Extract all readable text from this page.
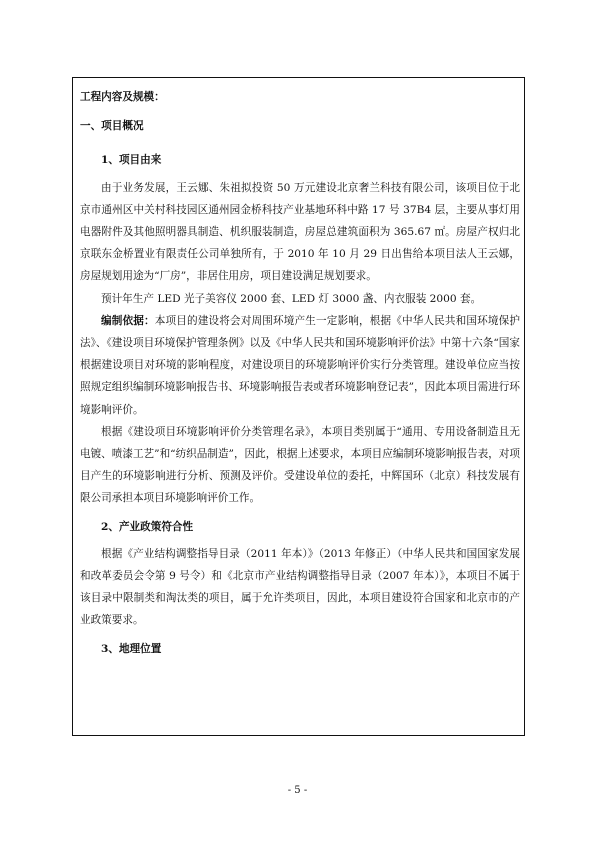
工程内容及规模：

一、项目概况

1、项目由来

由于业务发展，王云娜、朱祖拟投资 50 万元建设北京奢兰科技有限公司，该项目位于北京市通州区中关村科技园区通州园金桥科技产业基地环科中路 17 号 37B4 层，主要从事灯用电器附件及其他照明器具制造、机织服装制造，房屋总建筑面积为 365.67 ㎡。房屋产权归北京联东金桥置业有限责任公司单独所有，于 2010 年 10 月 29 日出售给本项目法人王云娜，房屋规划用途为“厂房”，非居住用房，项目建设满足规划要求。

预计年生产 LED 光子美容仪 2000 套、LED 灯 3000 盏、内衣服装 2000 套。

编制依据：本项目的建设将会对周围环境产生一定影响，根据《中华人民共和国环境保护法》、《建设项目环境保护管理条例》以及《中华人民共和国环境影响评价法》中第十六条“国家根据建设项目对环境的影响程度，对建设项目的环境影响评价实行分类管理。建设单位应当按照规定组织编制环境影响报告书、环境影响报告表或者环境影响登记表”，因此本项目需进行环境影响评价。

根据《建设项目环境影响评价分类管理名录》，本项目类别属于“通用、专用设备制造且无电镀、喷漆工艺”和“纺织品制造”，因此，根据上述要求，本项目应编制环境影响报告表，对项目产生的环境影响进行分析、预测及评价。受建设单位的委托，中辉国环（北京）科技发展有限公司承担本项目环境影响评价工作。

2、产业政策符合性

根据《产业结构调整指导目录（2011 年本）》（2013 年修正）（中华人民共和国国家发展和改革委员会令第 9 号令）和《北京市产业结构调整指导目录（2007 年本）》，本项目不属于该目录中限制类和淘汰类的项目，属于允许类项目，因此，本项目建设符合国家和北京市的产业政策要求。

3、地理位置

- 5 -
